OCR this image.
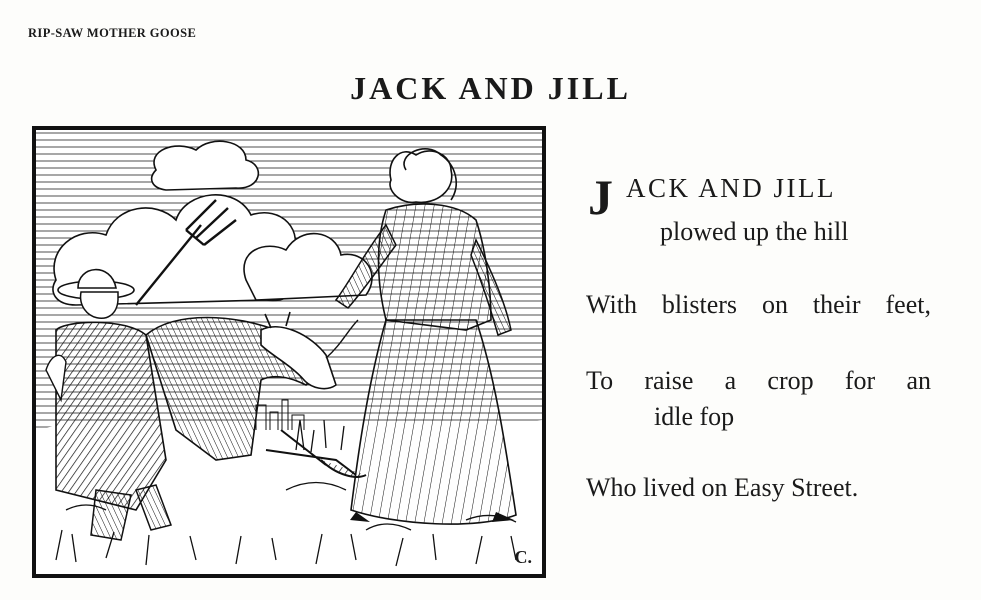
RIP-SAW MOTHER GOOSE
JACK AND JILL
C.
J ACK AND JILL
plowed up the hill
With blisters on their feet,
To raise a crop for an
idle fop
Who lived on Easy Street.
